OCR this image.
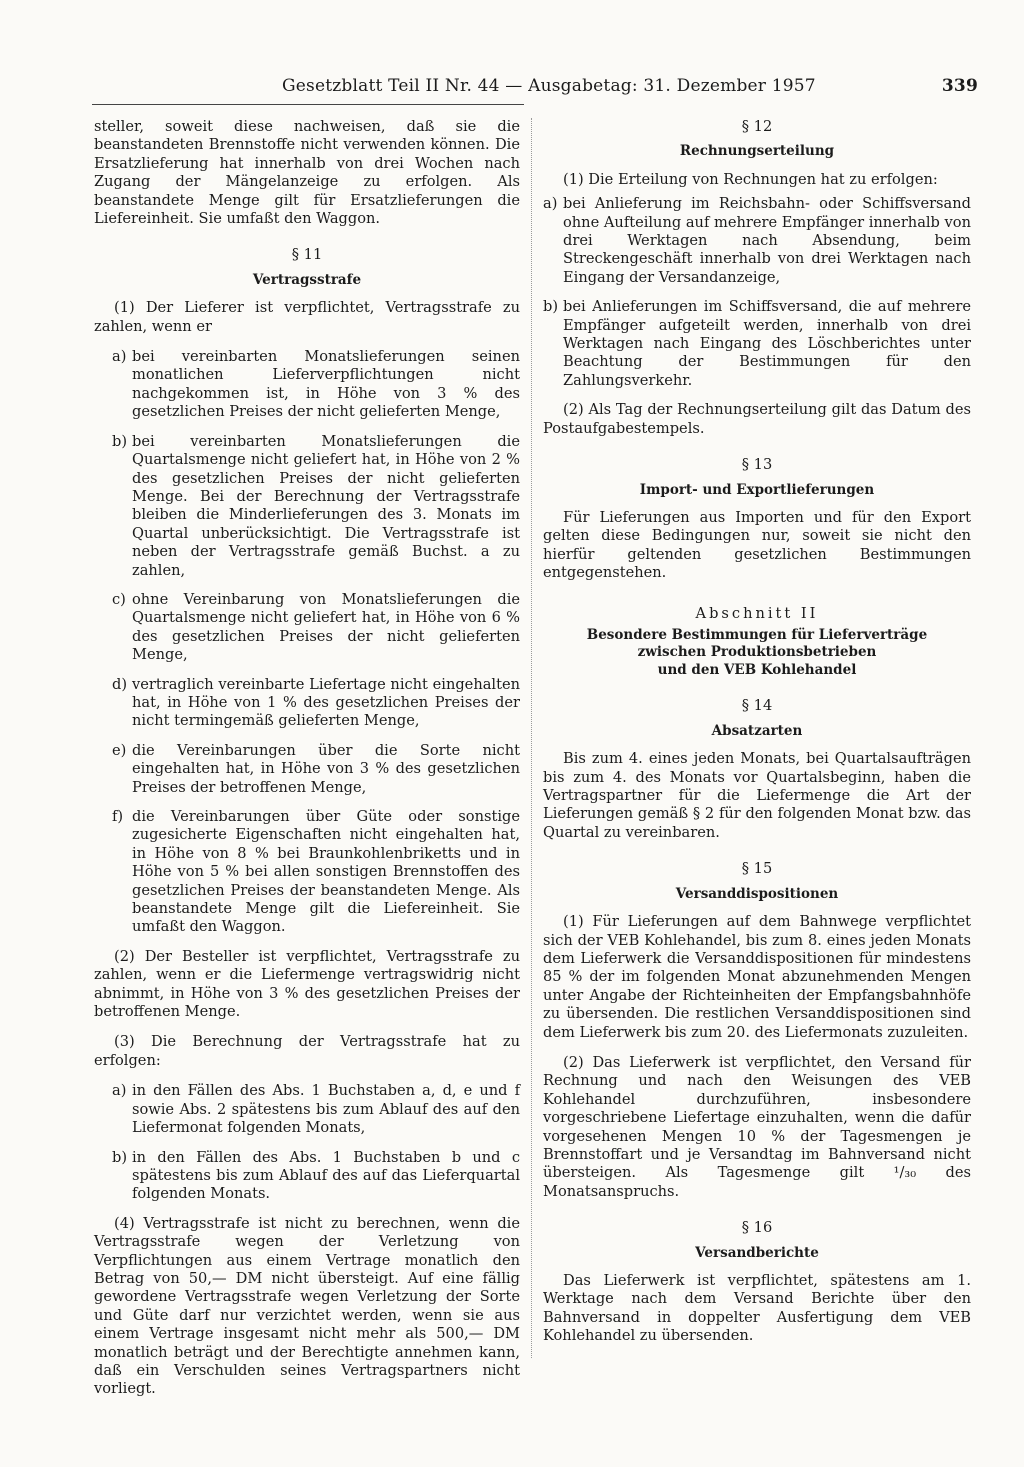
Gesetzblatt Teil II Nr. 44 — Ausgabetag: 31. Dezember 1957	339

steller, soweit diese nachweisen, daß sie die beanstandeten Brennstoffe nicht verwenden können. Die Ersatzlieferung hat innerhalb von drei Wochen nach Zugang der Mängelanzeige zu erfolgen. Als beanstandete Menge gilt für Ersatzlieferungen die Liefereinheit. Sie umfaßt den Waggon.

§ 11
Vertragsstrafe

(1) Der Lieferer ist verpflichtet, Vertragsstrafe zu zahlen, wenn er

a) bei vereinbarten Monatslieferungen seinen monatlichen Lieferverpflichtungen nicht nachgekommen ist, in Höhe von 3 % des gesetzlichen Preises der nicht gelieferten Menge,
b) bei vereinbarten Monatslieferungen die Quartalsmenge nicht geliefert hat, in Höhe von 2 % des gesetzlichen Preises der nicht gelieferten Menge. Bei der Berechnung der Vertragsstrafe bleiben die Minderlieferungen des 3. Monats im Quartal unberücksichtigt. Die Vertragsstrafe ist neben der Vertragsstrafe gemäß Buchst. a zu zahlen,
c) ohne Vereinbarung von Monatslieferungen die Quartalsmenge nicht geliefert hat, in Höhe von 6 % des gesetzlichen Preises der nicht gelieferten Menge,
d) vertraglich vereinbarte Liefertage nicht eingehalten hat, in Höhe von 1 % des gesetzlichen Preises der nicht termingemäß gelieferten Menge,
e) die Vereinbarungen über die Sorte nicht eingehalten hat, in Höhe von 3 % des gesetzlichen Preises der betroffenen Menge,
f) die Vereinbarungen über Güte oder sonstige zugesicherte Eigenschaften nicht eingehalten hat, in Höhe von 8 % bei Braunkohlenbriketts und in Höhe von 5 % bei allen sonstigen Brennstoffen des gesetzlichen Preises der beanstandeten Menge. Als beanstandete Menge gilt die Liefereinheit. Sie umfaßt den Waggon.

(2) Der Besteller ist verpflichtet, Vertragsstrafe zu zahlen, wenn er die Liefermenge vertragswidrig nicht abnimmt, in Höhe von 3 % des gesetzlichen Preises der betroffenen Menge.

(3) Die Berechnung der Vertragsstrafe hat zu erfolgen:

a) in den Fällen des Abs. 1 Buchstaben a, d, e und f sowie Abs. 2 spätestens bis zum Ablauf des auf den Liefermonat folgenden Monats,
b) in den Fällen des Abs. 1 Buchstaben b und c spätestens bis zum Ablauf des auf das Lieferquartal folgenden Monats.

(4) Vertragsstrafe ist nicht zu berechnen, wenn die Vertragsstrafe wegen der Verletzung von Verpflichtungen aus einem Vertrage monatlich den Betrag von 50,— DM nicht übersteigt. Auf eine fällig gewordene Vertragsstrafe wegen Verletzung der Sorte und Güte darf nur verzichtet werden, wenn sie aus einem Vertrage insgesamt nicht mehr als 500,— DM monatlich beträgt und der Berechtigte annehmen kann, daß ein Verschulden seines Vertragspartners nicht vorliegt.

§ 12
Rechnungserteilung

(1) Die Erteilung von Rechnungen hat zu erfolgen:

a) bei Anlieferung im Reichsbahn- oder Schiffsversand ohne Aufteilung auf mehrere Empfänger innerhalb von drei Werktagen nach Absendung, beim Streckengeschäft innerhalb von drei Werktagen nach Eingang der Versandanzeige,
b) bei Anlieferungen im Schiffsversand, die auf mehrere Empfänger aufgeteilt werden, innerhalb von drei Werktagen nach Eingang des Löschberichtes unter Beachtung der Bestimmungen für den Zahlungsverkehr.

(2) Als Tag der Rechnungserteilung gilt das Datum des Postaufgabestempels.

§ 13
Import- und Exportlieferungen

Für Lieferungen aus Importen und für den Export gelten diese Bedingungen nur, soweit sie nicht den hierfür geltenden gesetzlichen Bestimmungen entgegenstehen.

Abschnitt II
Besondere Bestimmungen für Lieferverträge
zwischen Produktionsbetrieben
und den VEB Kohlehandel
§ 14
Absatzarten

Bis zum 4. eines jeden Monats, bei Quartalsaufträgen bis zum 4. des Monats vor Quartalsbeginn, haben die Vertragspartner für die Liefermenge die Art der Lieferungen gemäß § 2 für den folgenden Monat bzw. das Quartal zu vereinbaren.

§ 15
Versanddispositionen

(1) Für Lieferungen auf dem Bahnwege verpflichtet sich der VEB Kohlehandel, bis zum 8. eines jeden Monats dem Lieferwerk die Versanddispositionen für mindestens 85 % der im folgenden Monat abzunehmenden Mengen unter Angabe der Richteinheiten der Empfangsbahnhöfe zu übersenden. Die restlichen Versanddispositionen sind dem Lieferwerk bis zum 20. des Liefermonats zuzuleiten.

(2) Das Lieferwerk ist verpflichtet, den Versand für Rechnung und nach den Weisungen des VEB Kohlehandel durchzuführen, insbesondere vorgeschriebene Liefertage einzuhalten, wenn die dafür vorgesehenen Mengen 10 % der Tagesmengen je Brennstoffart und je Versandtag im Bahnversand nicht übersteigen. Als Tagesmenge gilt ¹/₃₀ des Monatsanspruchs.

§ 16
Versandberichte

Das Lieferwerk ist verpflichtet, spätestens am 1. Werktage nach dem Versand Berichte über den Bahnversand in doppelter Ausfertigung dem VEB Kohlehandel zu übersenden.
